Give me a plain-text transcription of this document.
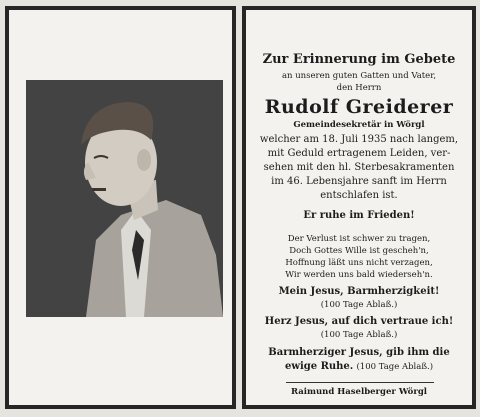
Zur Erinnerung im Gebete
an unseren guten Gatten und Vater,
den Herrn
Rudolf Greiderer
Gemeindesekretär in Wörgl
welcher am 18. Juli 1935 nach langem,
mit Geduld ertragenem Leiden, ver-
sehen mit den hl. Sterbesakramenten
im 46. Lebensjahre sanft im Herrn
entschlafen ist.
Er ruhe im Frieden!
Der Verlust ist schwer zu tragen,
Doch Gottes Wille ist gescheh'n,
Hoffnung läßt uns nicht verzagen,
Wir werden uns bald wiederseh'n.
Mein Jesus, Barmherzigkeit!
(100 Tage Ablaß.)
Herz Jesus, auf dich vertraue ich!
(100 Tage Ablaß.)
Barmherziger Jesus, gib ihm die
ewige Ruhe. (100 Tage Ablaß.)
Raimund Haselberger Wörgl
